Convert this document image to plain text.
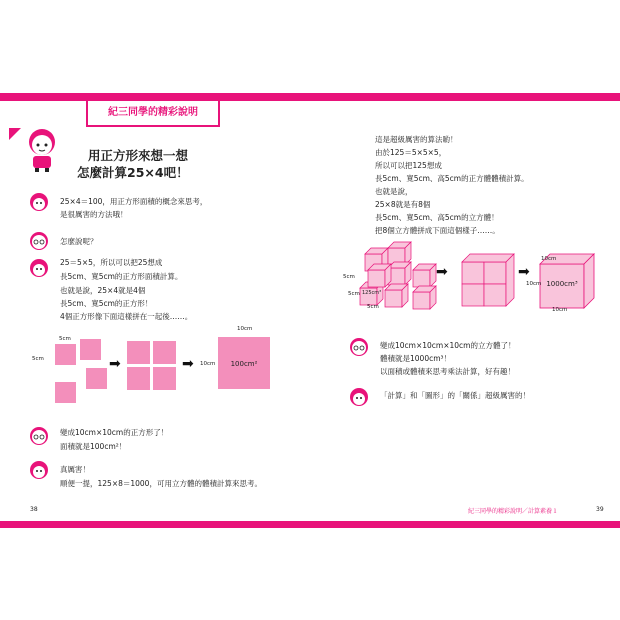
紀三同學的精彩說明
用正方形來想一想
怎麼計算25×4吧！
25×4＝100，用正方形面積的概念來思考，
是很厲害的方法哦！
怎麼說呢？
25＝5×5，所以可以把25想成
長5cm、寬5cm的正方形面積計算。
也就是說，25×4就是4個
長5cm、寬5cm的正方形！
4個正方形像下面這樣拼在一起後……。
5cm
5cm	➡	➡
10cm
10cm	100cm²
變成10cm×10cm的正方形了！
面積就是100cm²！
真厲害！
順便一提，125×8＝1000，可用立方體的體積計算來思考。
這是超級厲害的算法喲！
由於125＝5×5×5，
所以可以把125想成
長5cm、寬5cm、高5cm的正方體體積計算。
也就是說，
25×8就是有8個
長5cm、寬5cm、高5cm的立方體！
把8個立方體拼成下面這個樣子……。
➡	➡
5cm
5cm
5cm
125cm³
10cm
10cm
10cm
1000cm³
變成10cm×10cm×10cm的立方體了！
體積就是1000cm³！
以面積或體積來思考乘法計算，好有趣！
「計算」和「圖形」的「關係」超級厲害的！
38	紀三同學的精彩說明／計算素養１	39
